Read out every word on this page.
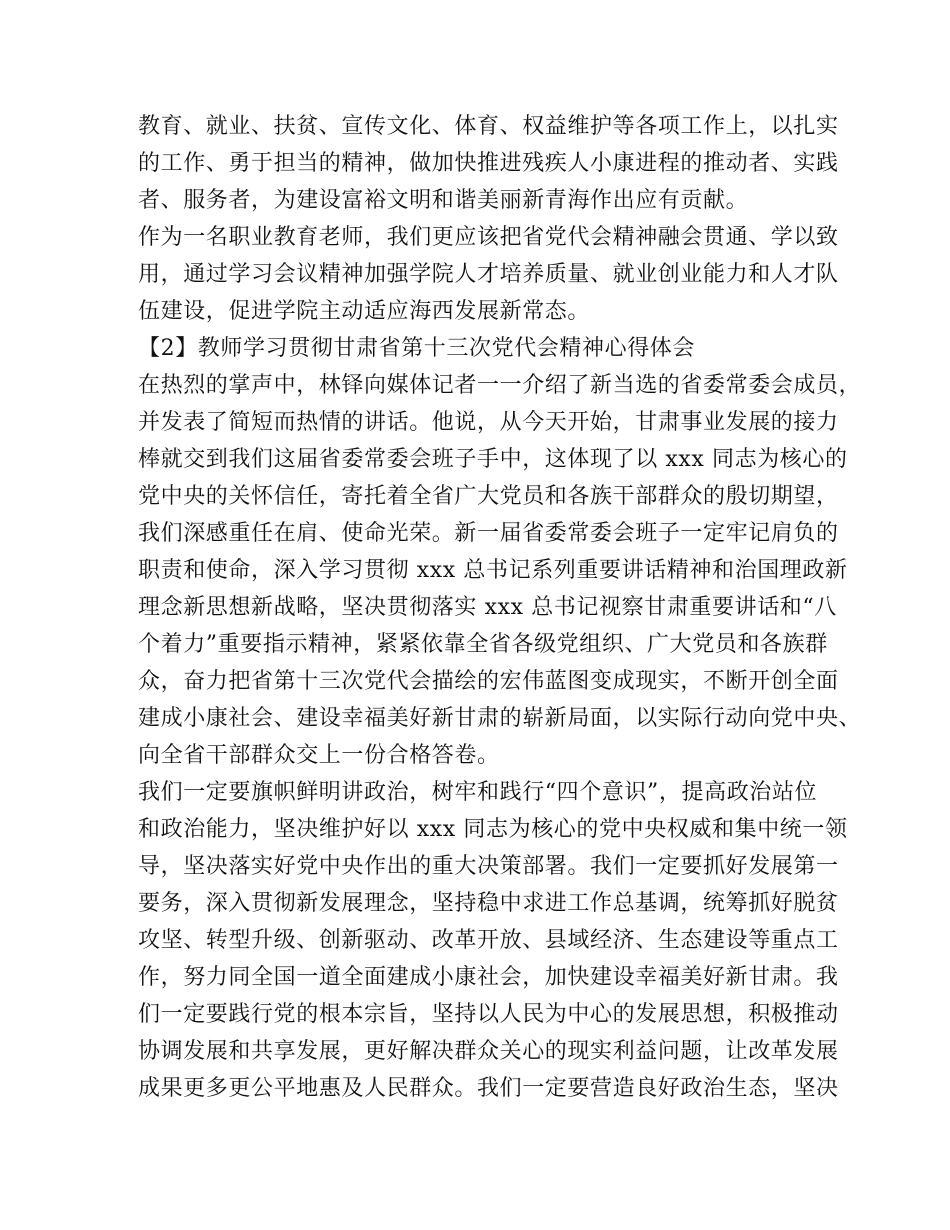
教育、就业、扶贫、宣传文化、体育、权益维护等各项工作上，以扎实
的工作、勇于担当的精神，做加快推进残疾人小康进程的推动者、实践
者、服务者，为建设富裕文明和谐美丽新青海作出应有贡献。
作为一名职业教育老师，我们更应该把省党代会精神融会贯通、学以致
用，通过学习会议精神加强学院人才培养质量、就业创业能力和人才队
伍建设，促进学院主动适应海西发展新常态。
【2】教师学习贯彻甘肃省第十三次党代会精神心得体会
在热烈的掌声中，林铎向媒体记者一一介绍了新当选的省委常委会成员，
并发表了简短而热情的讲话。他说，从今天开始，甘肃事业发展的接力
棒就交到我们这届省委常委会班子手中，这体现了以 xxx 同志为核心的
党中央的关怀信任，寄托着全省广大党员和各族干部群众的殷切期望，
我们深感重任在肩、使命光荣。新一届省委常委会班子一定牢记肩负的
职责和使命，深入学习贯彻 xxx 总书记系列重要讲话精神和治国理政新
理念新思想新战略，坚决贯彻落实 xxx 总书记视察甘肃重要讲话和“八
个着力”重要指示精神，紧紧依靠全省各级党组织、广大党员和各族群
众，奋力把省第十三次党代会描绘的宏伟蓝图变成现实，不断开创全面
建成小康社会、建设幸福美好新甘肃的崭新局面，以实际行动向党中央、
向全省干部群众交上一份合格答卷。
我们一定要旗帜鲜明讲政治，树牢和践行“四个意识”，提高政治站位
和政治能力，坚决维护好以 xxx 同志为核心的党中央权威和集中统一领
导，坚决落实好党中央作出的重大决策部署。我们一定要抓好发展第一
要务，深入贯彻新发展理念，坚持稳中求进工作总基调，统筹抓好脱贫
攻坚、转型升级、创新驱动、改革开放、县域经济、生态建设等重点工
作，努力同全国一道全面建成小康社会，加快建设幸福美好新甘肃。我
们一定要践行党的根本宗旨，坚持以人民为中心的发展思想，积极推动
协调发展和共享发展，更好解决群众关心的现实利益问题，让改革发展
成果更多更公平地惠及人民群众。我们一定要营造良好政治生态，坚决
